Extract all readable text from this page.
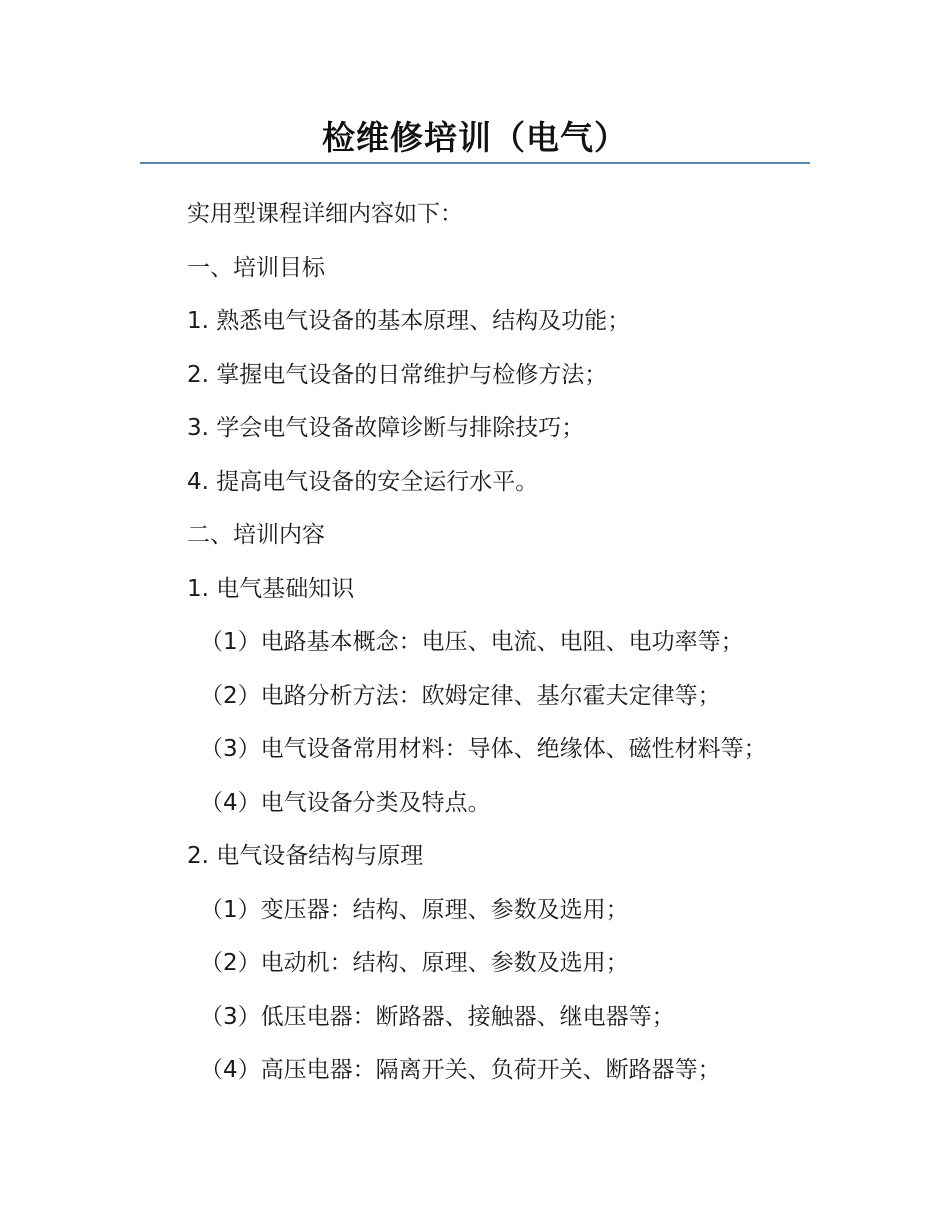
检维修培训（电气）
实用型课程详细内容如下：
一、培训目标
1. 熟悉电气设备的基本原理、结构及功能；
2. 掌握电气设备的日常维护与检修方法；
3. 学会电气设备故障诊断与排除技巧；
4. 提高电气设备的安全运行水平。
二、培训内容
1. 电气基础知识
（1）电路基本概念：电压、电流、电阻、电功率等；
（2）电路分析方法：欧姆定律、基尔霍夫定律等；
（3）电气设备常用材料：导体、绝缘体、磁性材料等；
（4）电气设备分类及特点。
2. 电气设备结构与原理
（1）变压器：结构、原理、参数及选用；
（2）电动机：结构、原理、参数及选用；
（3）低压电器：断路器、接触器、继电器等；
（4）高压电器：隔离开关、负荷开关、断路器等；
